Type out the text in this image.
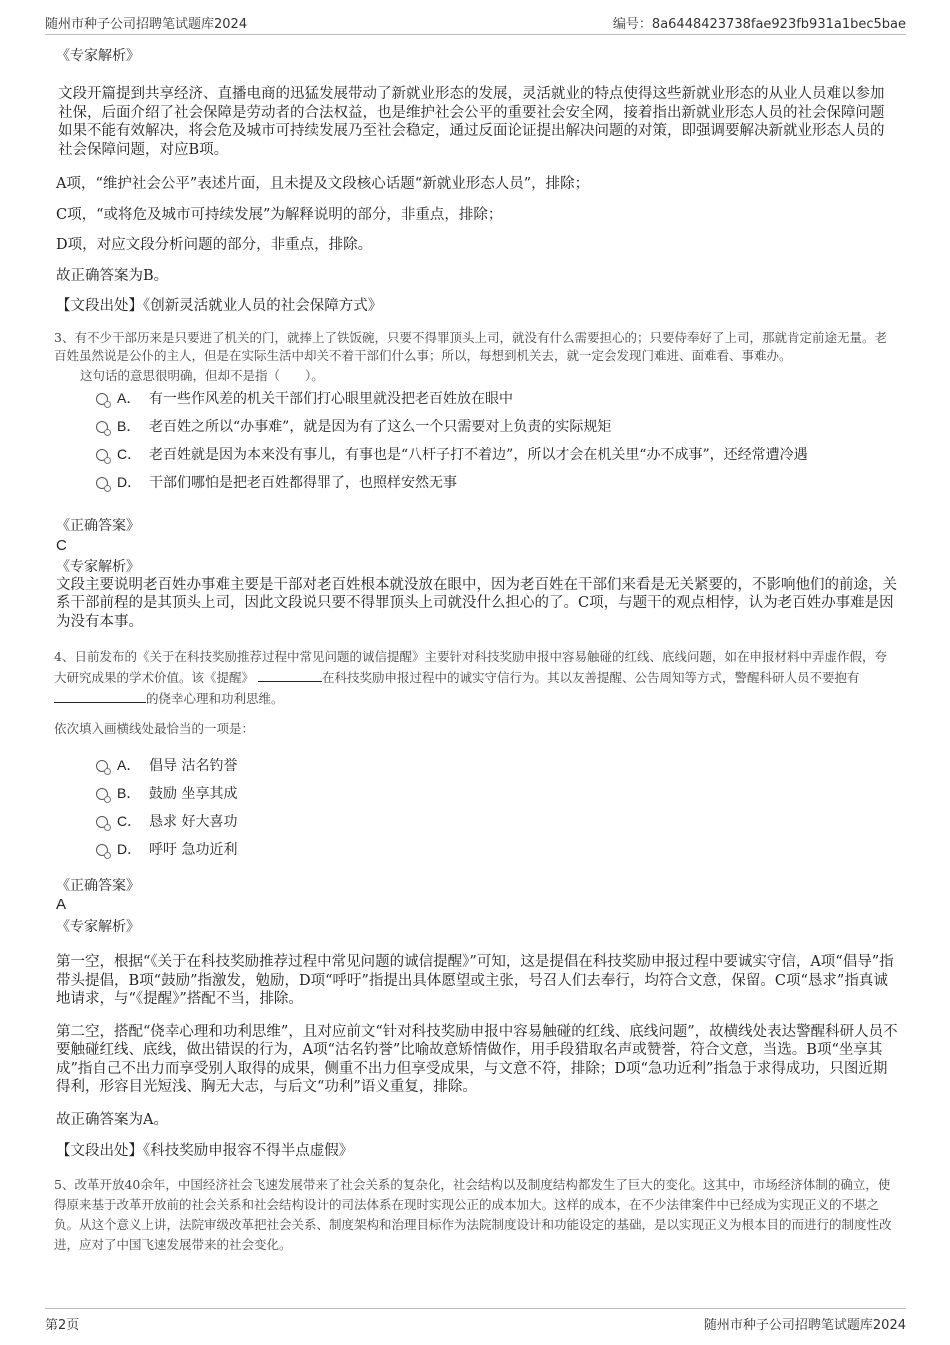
随州市种子公司招聘笔试题库2024	编号：8a6448423738fae923fb931a1bec5bae

《专家解析》

文段开篇提到共享经济、直播电商的迅猛发展带动了新就业形态的发展，灵活就业的特点使得这些新就业形态的从业人员难以参加社保，后面介绍了社会保障是劳动者的合法权益，也是维护社会公平的重要社会安全网，接着指出新就业形态人员的社会保障问题如果不能有效解决，将会危及城市可持续发展乃至社会稳定，通过反面论证提出解决问题的对策，即强调要解决新就业形态人员的社会保障问题，对应B项。

A项，“维护社会公平”表述片面，且未提及文段核心话题“新就业形态人员”，排除；

C项，“或将危及城市可持续发展”为解释说明的部分，非重点，排除；

D项，对应文段分析问题的部分，非重点，排除。

故正确答案为B。

【文段出处】《创新灵活就业人员的社会保障方式》

3、有不少干部历来是只要进了机关的门，就捧上了铁饭碗，只要不得罪顶头上司，就没有什么需要担心的；只要侍奉好了上司，那就肯定前途无量。老百姓虽然说是公仆的主人，但是在实际生活中却关不着干部们什么事；所以，每想到机关去，就一定会发现门难进、面难看、事难办。

这句话的意思很明确，但却不是指（　　）。

A． 有一些作风差的机关干部们打心眼里就没把老百姓放在眼中
B． 老百姓之所以“办事难”，就是因为有了这么一个只需要对上负责的实际规矩
C． 老百姓就是因为本来没有事儿，有事也是“八杆子打不着边”，所以才会在机关里“办不成事”，还经常遭冷遇
D． 干部们哪怕是把老百姓都得罪了，也照样安然无事

《正确答案》

C

《专家解析》

文段主要说明老百姓办事难主要是干部对老百姓根本就没放在眼中，因为老百姓在干部们来看是无关紧要的，不影响他们的前途，关系干部前程的是其顶头上司，因此文段说只要不得罪顶头上司就没什么担心的了。C项，与题干的观点相悖，认为老百姓办事难是因为没有本事。

4、日前发布的《关于在科技奖励推荐过程中常见问题的诚信提醒》主要针对科技奖励申报中容易触碰的红线、底线问题，如在申报材料中弄虚作假，夸大研究成果的学术价值。该《提醒》	在科技奖励申报过程中的诚实守信行为。其以友善提醒、公告周知等方式，警醒科研人员不要抱有的侥幸心理和功利思维。

依次填入画横线处最恰当的一项是：

A． 倡导 沽名钓誉
B． 鼓励 坐享其成
C． 恳求 好大喜功
D． 呼吁 急功近利

《正确答案》

A

《专家解析》

第一空，根据“《关于在科技奖励推荐过程中常见问题的诚信提醒》”可知，这是提倡在科技奖励申报过程中要诚实守信，A项“倡导”指带头提倡，B项“鼓励”指激发，勉励，D项“呼吁”指提出具体愿望或主张，号召人们去奉行，均符合文意，保留。C项“恳求”指真诚地请求，与“《提醒》”搭配不当，排除。

第二空，搭配“侥幸心理和功利思维”，且对应前文“针对科技奖励申报中容易触碰的红线、底线问题”，故横线处表达警醒科研人员不要触碰红线、底线，做出错误的行为，A项“沽名钓誉”比喻故意矫情做作，用手段猎取名声或赞誉，符合文意，当选。B项“坐享其成”指自己不出力而享受别人取得的成果，侧重不出力但享受成果，与文意不符，排除；D项“急功近利”指急于求得成功，只图近期得利，形容目光短浅、胸无大志，与后文“功利”语义重复，排除。

故正确答案为A。

【文段出处】《科技奖励申报容不得半点虚假》

5、改革开放40余年，中国经济社会飞速发展带来了社会关系的复杂化，社会结构以及制度结构都发生了巨大的变化。这其中，市场经济体制的确立，使得原来基于改革开放前的社会关系和社会结构设计的司法体系在现时实现公正的成本加大。这样的成本，在不少法律案件中已经成为实现正义的不堪之负。从这个意义上讲，法院审级改革把社会关系、制度架构和治理目标作为法院制度设计和功能设定的基础，是以实现正义为根本目的而进行的制度性改进，应对了中国飞速发展带来的社会变化。

第2页	随州市种子公司招聘笔试题库2024
